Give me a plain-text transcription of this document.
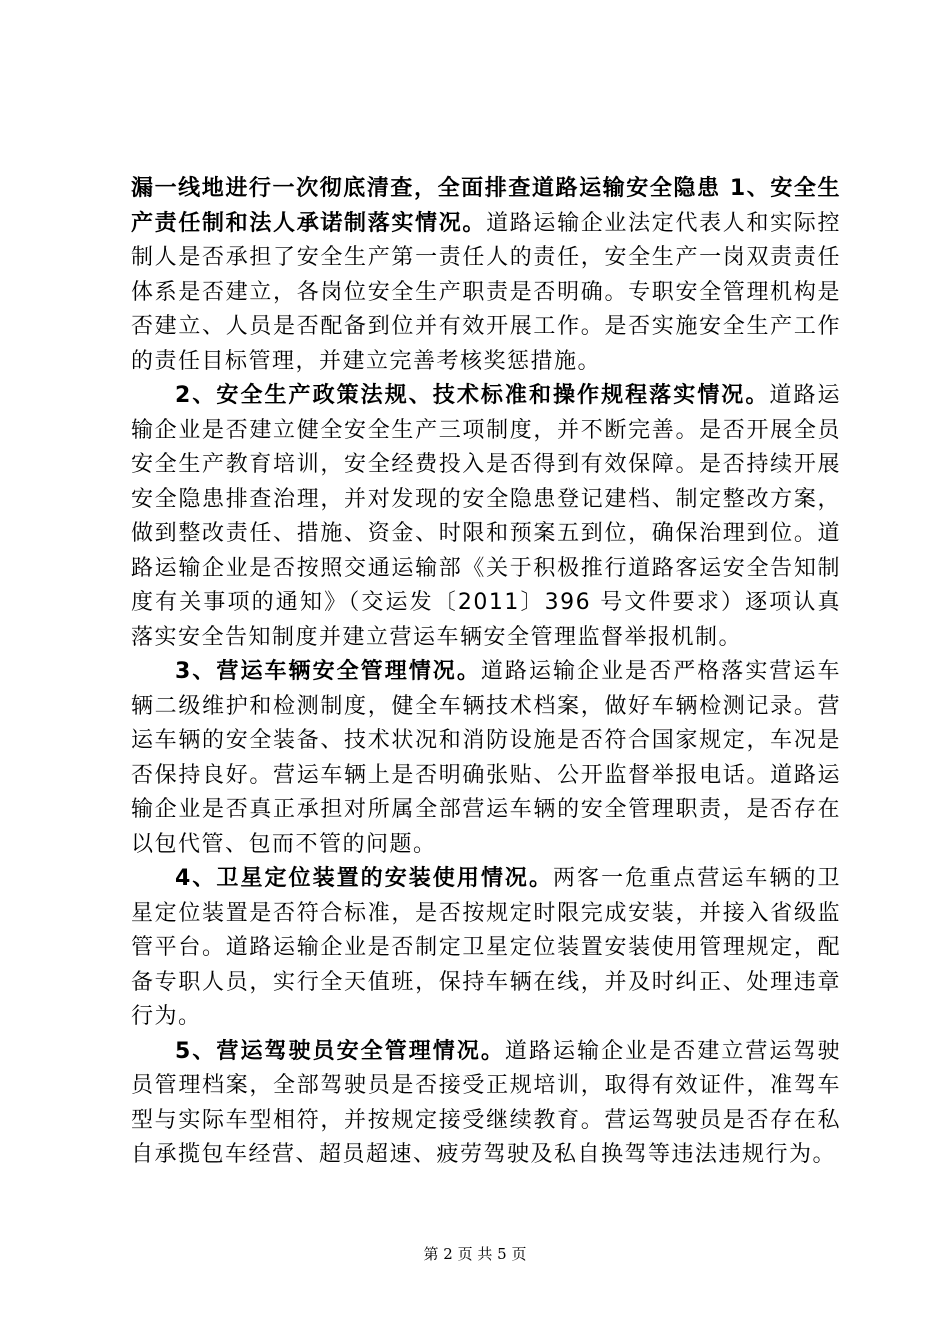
漏一线地进行一次彻底清查，全面排查道路运输安全隐患 1、安全生产责任制和法人承诺制落实情况。道路运输企业法定代表人和实际控制人是否承担了安全生产第一责任人的责任，安全生产一岗双责责任体系是否建立，各岗位安全生产职责是否明确。专职安全管理机构是否建立、人员是否配备到位并有效开展工作。是否实施安全生产工作的责任目标管理，并建立完善考核奖惩措施。

2、安全生产政策法规、技术标准和操作规程落实情况。道路运输企业是否建立健全安全生产三项制度，并不断完善。是否开展全员安全生产教育培训，安全经费投入是否得到有效保障。是否持续开展安全隐患排查治理，并对发现的安全隐患登记建档、制定整改方案，做到整改责任、措施、资金、时限和预案五到位，确保治理到位。道路运输企业是否按照交通运输部《关于积极推行道路客运安全告知制度有关事项的通知》（交运发〔2011〕396 号文件要求）逐项认真落实安全告知制度并建立营运车辆安全管理监督举报机制。

3、营运车辆安全管理情况。道路运输企业是否严格落实营运车辆二级维护和检测制度，健全车辆技术档案，做好车辆检测记录。营运车辆的安全装备、技术状况和消防设施是否符合国家规定，车况是否保持良好。营运车辆上是否明确张贴、公开监督举报电话。道路运输企业是否真正承担对所属全部营运车辆的安全管理职责，是否存在以包代管、包而不管的问题。

4、卫星定位装置的安装使用情况。两客一危重点营运车辆的卫星定位装置是否符合标准，是否按规定时限完成安装，并接入省级监管平台。道路运输企业是否制定卫星定位装置安装使用管理规定，配备专职人员，实行全天值班，保持车辆在线，并及时纠正、处理违章行为。

5、营运驾驶员安全管理情况。道路运输企业是否建立营运驾驶员管理档案，全部驾驶员是否接受正规培训，取得有效证件，准驾车型与实际车型相符，并按规定接受继续教育。营运驾驶员是否存在私自承揽包车经营、超员超速、疲劳驾驶及私自换驾等违法违规行为。

第 2 页 共 5 页
